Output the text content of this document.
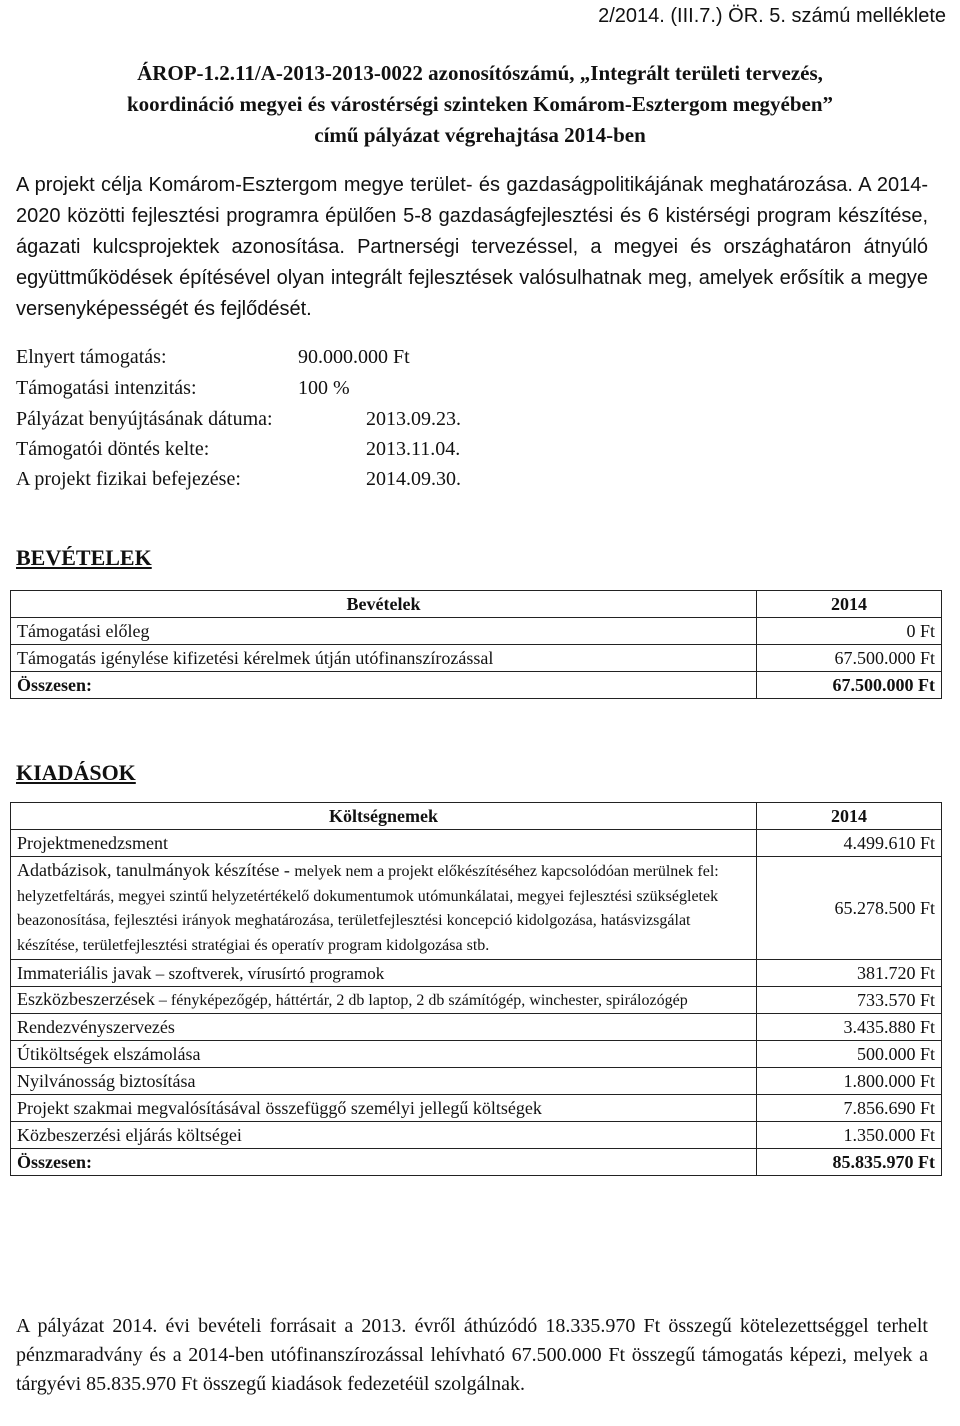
2/2014. (III.7.) ÖR. 5. számú melléklete
ÁROP-1.2.11/A-2013-2013-0022 azonosítószámú, „Integrált területi tervezés,
koordináció megyei és várostérségi szinteken Komárom-Esztergom megyében”
című pályázat végrehajtása 2014-ben
A projekt célja Komárom-Esztergom megye terület- és gazdaságpolitikájának meghatározása. A 2014-2020 közötti fejlesztési programra épülően 5-8 gazdaságfejlesztési és 6 kistérségi program készítése, ágazati kulcsprojektek azonosítása. Partnerségi tervezéssel, a megyei és országhatáron átnyúló együttműködések építésével olyan integrált fejlesztések valósulhatnak meg, amelyek erősítik a megye versenyképességét és fejlődését.
Elnyert támogatás:	90.000.000 Ft
Támogatási intenzitás:	100 %
Pályázat benyújtásának dátuma:	2013.09.23.
Támogatói döntés kelte:	2013.11.04.
A projekt fizikai befejezése:	2014.09.30.
BEVÉTELEK
Bevételek	2014
Támogatási előleg	0 Ft
Támogatás igénylése kifizetési kérelmek útján utófinanszírozással	67.500.000 Ft
Összesen:	67.500.000 Ft
KIADÁSOK
Költségnemek	2014
Projektmenedzsment	4.499.610 Ft
Adatbázisok, tanulmányok készítése - melyek nem a projekt előkészítéséhez kapcsolódóan merülnek fel: helyzetfeltárás, megyei szintű helyzetértékelő dokumentumok utómunkálatai, megyei fejlesztési szükségletek beazonosítása, fejlesztési irányok meghatározása, területfejlesztési koncepció kidolgozása, hatásvizsgálat készítése, területfejlesztési stratégiai és operatív program kidolgozása stb.	65.278.500 Ft
Immateriális javak – szoftverek, vírusírtó programok	381.720 Ft
Eszközbeszerzések – fényképezőgép, háttértár, 2 db laptop, 2 db számítógép, winchester, spirálozógép	733.570 Ft
Rendezvényszervezés	3.435.880 Ft
Útiköltségek elszámolása	500.000 Ft
Nyilvánosság biztosítása	1.800.000 Ft
Projekt szakmai megvalósításával összefüggő személyi jellegű költségek	7.856.690 Ft
Közbeszerzési eljárás költségei	1.350.000 Ft
Összesen:	85.835.970 Ft
A pályázat 2014. évi bevételi forrásait a 2013. évről áthúzódó 18.335.970 Ft összegű kötelezettséggel terhelt pénzmaradvány és a 2014-ben utófinanszírozással lehívható 67.500.000 Ft összegű támogatás képezi, melyek a tárgyévi 85.835.970 Ft összegű kiadások fedezetéül szolgálnak.
